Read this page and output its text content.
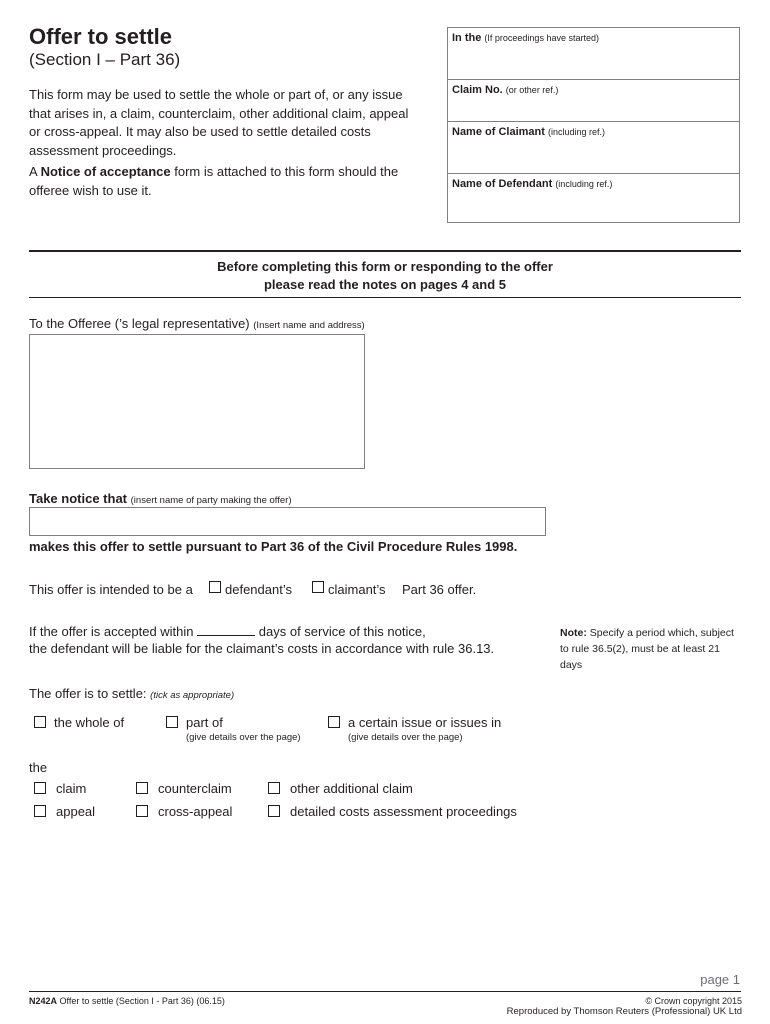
Offer to settle
(Section I – Part 36)

This form may be used to settle the whole or part of, or any issue that arises in, a claim, counterclaim, other additional claim, appeal or cross-appeal. It may also be used to settle detailed costs assessment proceedings.

A Notice of acceptance form is attached to this form should the offeree wish to use it.

In the (If proceedings have started)
Claim No. (or other ref.)
Name of Claimant (including ref.)
Name of Defendant (including ref.)
Before completing this form or responding to the offer
please read the notes on pages 4 and 5
To the Offeree (’s legal representative) (Insert name and address)
Take notice that (insert name of party making the offer)
makes this offer to settle pursuant to Part 36 of the Civil Procedure Rules 1998.
This offer is intended to be a defendant’s	claimant’s Part 36 offer.
If the offer is accepted within	days of service of this notice,
the defendant will be liable for the claimant’s costs in accordance with rule 36.13.
Note: Specify a period which, subject to rule 36.5(2), must be at least 21 days
The offer is to settle: (tick as appropriate)
the whole of	part of
(give details over the page)
a certain issue or issues in
(give details over the page)
the
claim	counterclaim	other additional claim
appeal	cross-appeal	detailed costs assessment proceedings
page 1
N242A Offer to settle (Section I - Part 36) (06.15)	© Crown copyright 2015
Reproduced by Thomson Reuters (Professional) UK Ltd
